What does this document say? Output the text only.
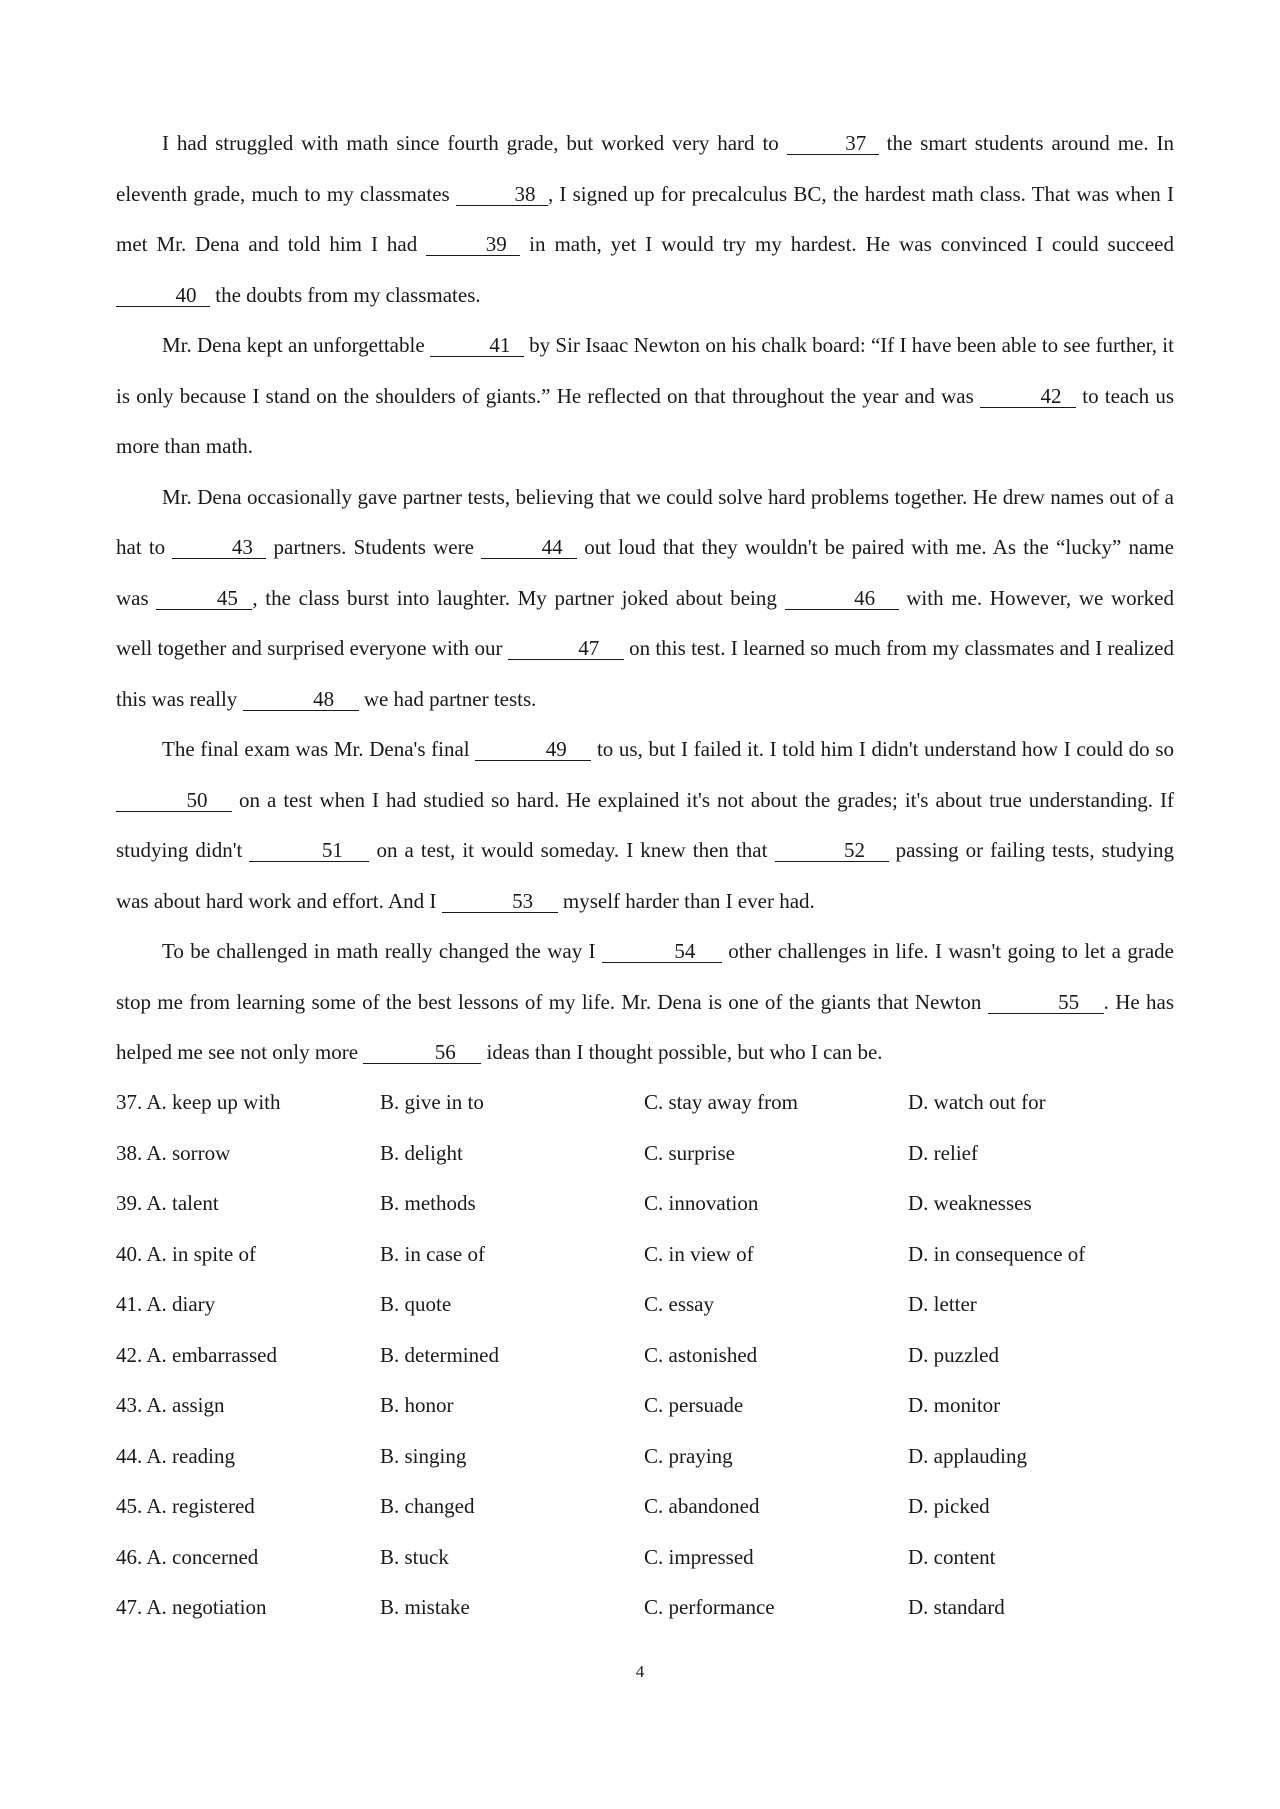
I had struggled with math since fourth grade, but worked very hard to	37 the smart students around me. In eleventh grade, much to my classmates	38 , I signed up for precalculus BC, the hardest math class. That was when I met Mr. Dena and told him I had	39 in math, yet I would try my hardest. He was convinced I could succeed 40 the doubts from my classmates.

Mr. Dena kept an unforgettable	41 by Sir Isaac Newton on his chalk board: “If I have been able to see further, it is only because I stand on the shoulders of giants.” He reflected on that throughout the year and was	42 to teach us more than math.

Mr. Dena occasionally gave partner tests, believing that we could solve hard problems together. He drew names out of a hat to	43 partners. Students were	44 out loud that they wouldn't be paired with me. As the “lucky” name was	45 , the class burst into laughter. My partner joked about being	46 with me. However, we worked well together and surprised everyone with our	47 on this test. I learned so much from my classmates and I realized this was really	48 we had partner tests.

The final exam was Mr. Dena's final	49 to us, but I failed it. I told him I didn't understand how I could do so 50 on a test when I had studied so hard. He explained it's not about the grades; it's about true understanding. If studying didn't	51 on a test, it would someday. I knew then that	52 passing or failing tests, studying was about hard work and effort. And I	53 myself harder than I ever had.

To be challenged in math really changed the way I	54 other challenges in life. I wasn't going to let a grade stop me from learning some of the best lessons of my life. Mr. Dena is one of the giants that Newton	55 . He has helped me see not only more	56 ideas than I thought possible, but who I can be.

37. A. keep up with	B. give in to	C. stay away from	D. watch out for
38. A. sorrow	B. delight	C. surprise	D. relief
39. A. talent	B. methods	C. innovation	D. weaknesses
40. A. in spite of	B. in case of	C. in view of	D. in consequence of
41. A. diary	B. quote	C. essay	D. letter
42. A. embarrassed	B. determined	C. astonished	D. puzzled
43. A. assign	B. honor	C. persuade	D. monitor
44. A. reading	B. singing	C. praying	D. applauding
45. A. registered	B. changed	C. abandoned	D. picked
46. A. concerned	B. stuck	C. impressed	D. content
47. A. negotiation	B. mistake	C. performance	D. standard
4
